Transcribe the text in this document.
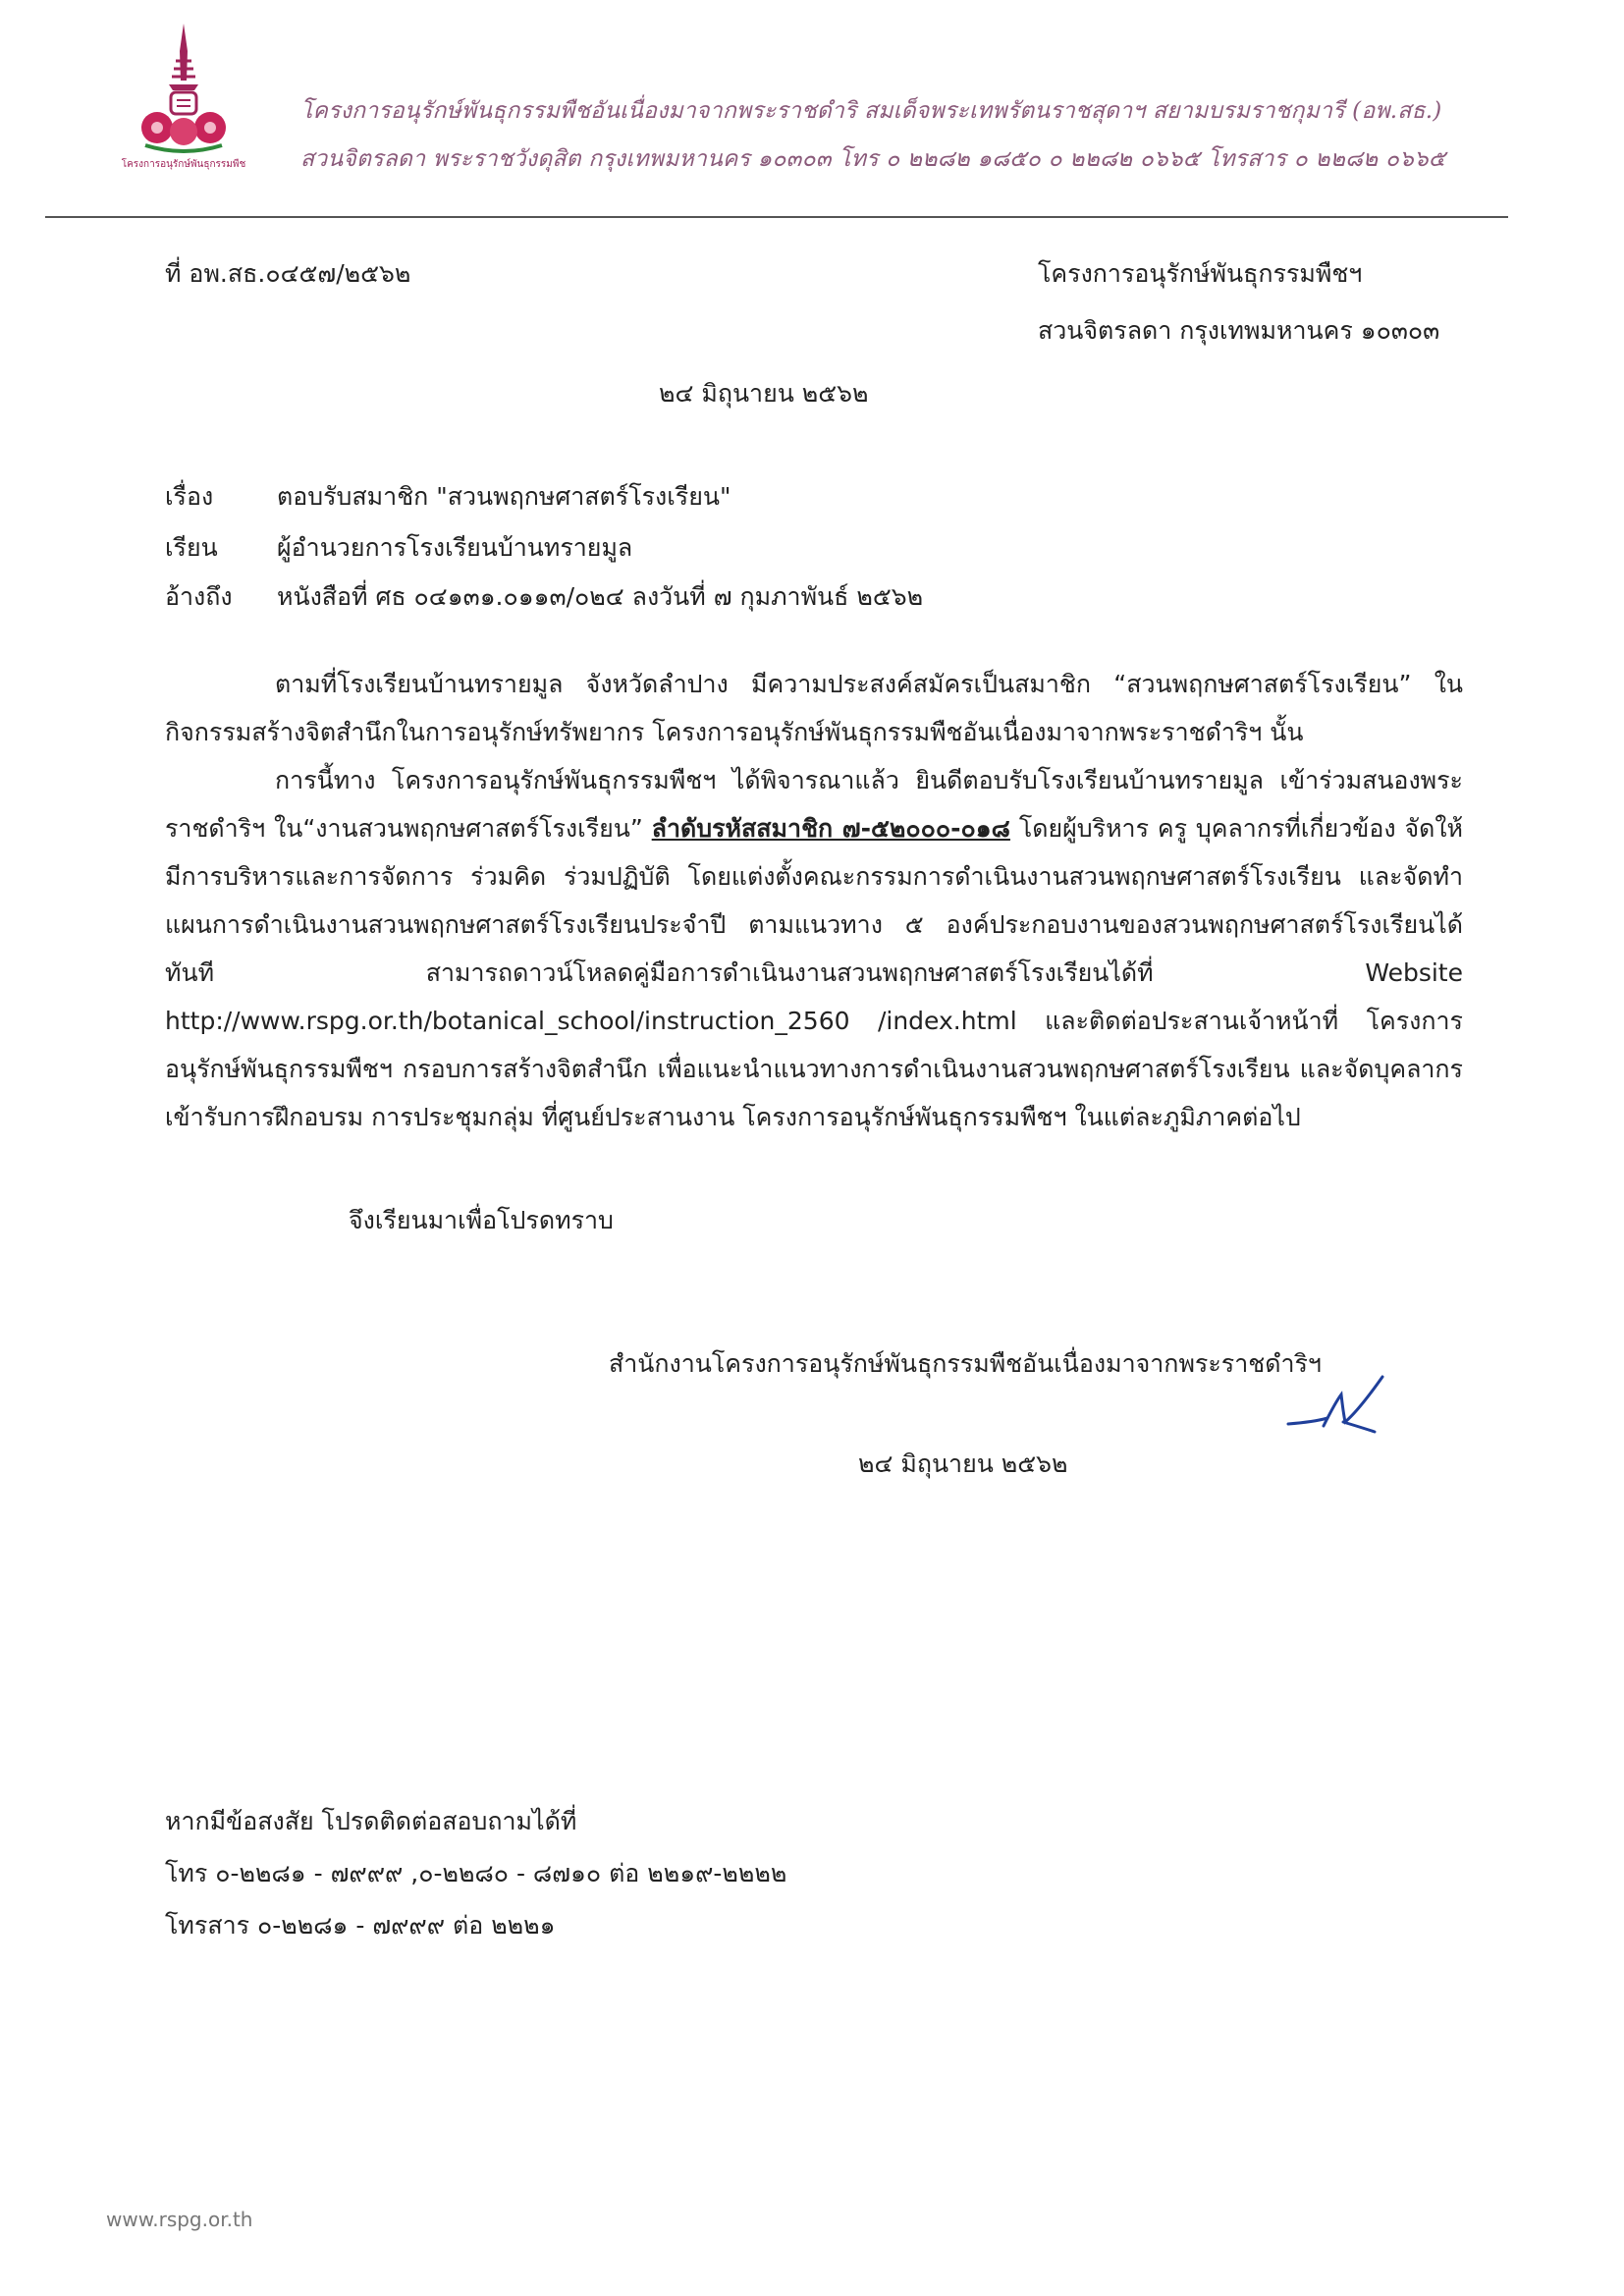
โครงการอนุรักษ์พันธุกรรมพืช
โครงการอนุรักษ์พันธุกรรมพืชอันเนื่องมาจากพระราชดำริ สมเด็จพระเทพรัตนราชสุดาฯ สยามบรมราชกุมารี (อพ.สธ.)
สวนจิตรลดา พระราชวังดุสิต กรุงเทพมหานคร ๑๐๓๐๓ โทร ๐ ๒๒๘๒ ๑๘๕๐ ๐ ๒๒๘๒ ๐๖๖๕ โทรสาร ๐ ๒๒๘๒ ๐๖๖๕
ที่ อพ.สธ.๐๔๕๗/๒๕๖๒	โครงการอนุรักษ์พันธุกรรมพืชฯ
สวนจิตรลดา กรุงเทพมหานคร ๑๐๓๐๓
๒๔ มิถุนายน ๒๕๖๒
เรื่อง	ตอบรับสมาชิก "สวนพฤกษศาสตร์โรงเรียน"
เรียน ผู้อำนวยการโรงเรียนบ้านทรายมูล
อ้างถึง หนังสือที่ ศธ ๐๔๑๓๑.๐๑๑๓/๐๒๔ ลงวันที่ ๗ กุมภาพันธ์ ๒๕๖๒
ตามที่โรงเรียนบ้านทรายมูล จังหวัดลำปาง มีความประสงค์สมัครเป็นสมาชิก “สวนพฤกษศาสตร์โรงเรียน” ในกิจกรรมสร้างจิตสำนึกในการอนุรักษ์ทรัพยากร โครงการอนุรักษ์พันธุกรรมพืชอันเนื่องมาจากพระราชดำริฯ นั้น
การนี้ทาง โครงการอนุรักษ์พันธุกรรมพืชฯ ได้พิจารณาแล้ว ยินดีตอบรับโรงเรียนบ้านทรายมูล เข้าร่วมสนองพระราชดำริฯ ใน“งานสวนพฤกษศาสตร์โรงเรียน” ลำดับรหัสสมาชิก ๗-๕๒๐๐๐-๐๑๘ โดยผู้บริหาร ครู บุคลากรที่เกี่ยวข้อง จัดให้มีการบริหารและการจัดการ ร่วมคิด ร่วมปฏิบัติ โดยแต่งตั้งคณะกรรมการดำเนินงานสวนพฤกษศาสตร์โรงเรียน และจัดทำแผนการดำเนินงานสวนพฤกษศาสตร์โรงเรียนประจำปี ตามแนวทาง ๕ องค์ประกอบงานของสวนพฤกษศาสตร์โรงเรียนได้ทันที สามารถดาวน์โหลดคู่มือการดำเนินงานสวนพฤกษศาสตร์โรงเรียนได้ที่ Website http://www.rspg.or.th/botanical_school/instruction_2560 /index.html และติดต่อประสานเจ้าหน้าที่ โครงการอนุรักษ์พันธุกรรมพืชฯ กรอบการสร้างจิตสำนึก เพื่อแนะนำแนวทางการดำเนินงานสวนพฤกษศาสตร์โรงเรียน และจัดบุคลากรเข้ารับการฝึกอบรม การประชุมกลุ่ม ที่ศูนย์ประสานงาน โครงการอนุรักษ์พันธุกรรมพืชฯ ในแต่ละภูมิภาคต่อไป
จึงเรียนมาเพื่อโปรดทราบ
สำนักงานโครงการอนุรักษ์พันธุกรรมพืชอันเนื่องมาจากพระราชดำริฯ
๒๔ มิถุนายน ๒๕๖๒
หากมีข้อสงสัย โปรดติดต่อสอบถามได้ที่
โทร ๐-๒๒๘๑ - ๗๙๙๙ ,๐-๒๒๘๐ - ๘๗๑๐ ต่อ ๒๒๑๙-๒๒๒๒
โทรสาร ๐-๒๒๘๑ - ๗๙๙๙ ต่อ ๒๒๒๑
www.rspg.or.th
